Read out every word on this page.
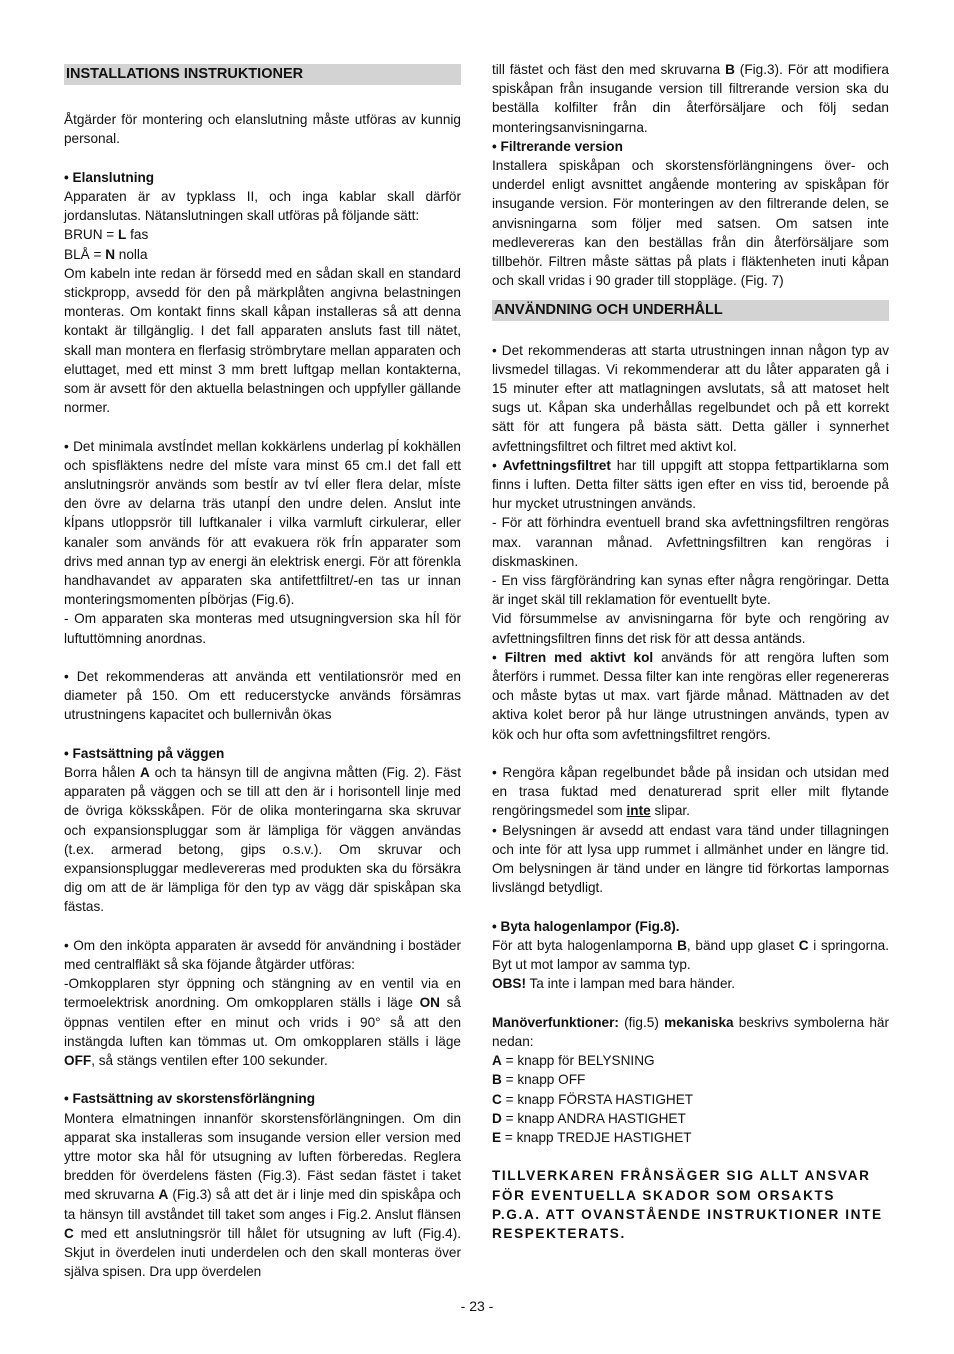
INSTALLATIONS INSTRUKTIONER

Åtgärder för montering och elanslutning måste utföras av kunnig personal.

• Elanslutning

Apparaten är av typklass II, och inga kablar skall därför jordanslutas. Nätanslutningen skall utföras på följande sätt:

BRUN = L fas

BLÅ = N nolla

Om kabeln inte redan är försedd med en sådan skall en standard stickpropp, avsedd för den på märkplåten angivna belastningen monteras. Om kontakt finns skall kåpan installeras så att denna kontakt är tillgänglig. I det fall apparaten ansluts fast till nätet, skall man montera en flerfasig strömbrytare mellan apparaten och eluttaget, med ett minst 3 mm brett luftgap mellan kontakterna, som är avsett för den aktuella belastningen och uppfyller gällande normer.

• Det minimala avstÍndet mellan kokkärlens underlag pÍ kokhällen och spisfläktens nedre del mÍste vara minst 65 cm.I det fall ett anslutningsrör används som bestÍr av tvÍ eller flera delar, mÍste den övre av delarna träs utanpÍ den undre delen. Anslut inte kÍpans utloppsrör till luftkanaler i vilka varmluft cirkulerar, eller kanaler som används för att evakuera rök frÍn apparater som drivs med annan typ av energi än elektrisk energi. För att förenkla handhavandet av apparaten ska antifettfiltret/-en tas ur innan monteringsmomenten pÍbörjas (Fig.6).

- Om apparaten ska monteras med utsugningversion ska hÍl för luftuttömning anordnas.

• Det rekommenderas att använda ett ventilationsrör med en diameter på 150. Om ett reducerstycke används försämras utrustningens kapacitet och bullernivån ökas

• Fastsättning på väggen

Borra hålen A och ta hänsyn till de angivna måtten (Fig. 2). Fäst apparaten på väggen och se till att den är i horisontell linje med de övriga köksskåpen. För de olika monteringarna ska skruvar och expansionspluggar som är lämpliga för väggen användas (t.ex. armerad betong, gips o.s.v.). Om skruvar och expansionspluggar medlevereras med produkten ska du försäkra dig om att de är lämpliga för den typ av vägg där spiskåpan ska fästas.

• Om den inköpta apparaten är avsedd för användning i bostäder med centralfläkt så ska föjande åtgärder utföras:

-Omkopplaren styr öppning och stängning av en ventil via en termoelektrisk anordning. Om omkopplaren ställs i läge ON så öppnas ventilen efter en minut och vrids i 90° så att den instängda luften kan tömmas ut. Om omkopplaren ställs i läge OFF, så stängs ventilen efter 100 sekunder.

• Fastsättning av skorstensförlängning

Montera elmatningen innanför skorstensförlängningen. Om din apparat ska installeras som insugande version eller version med yttre motor ska hål för utsugning av luften förberedas. Reglera bredden för överdelens fästen (Fig.3). Fäst sedan fästet i taket med skruvarna A (Fig.3) så att det är i linje med din spiskåpa och ta hänsyn till avståndet till taket som anges i Fig.2. Anslut flänsen C med ett anslutningsrör till hålet för utsugning av luft (Fig.4). Skjut in överdelen inuti underdelen och den skall monteras över själva spisen. Dra upp överdelen

till fästet och fäst den med skruvarna B (Fig.3). För att modifiera spiskåpan från insugande version till filtrerande version ska du beställa kolfilter från din återförsäljare och följ sedan monteringsanvisningarna.

• Filtrerande version

Installera spiskåpan och skorstensförlängningens över- och underdel enligt avsnittet angående montering av spiskåpan för insugande version. För monteringen av den filtrerande delen, se anvisningarna som följer med satsen. Om satsen inte medlevereras kan den beställas från din återförsäljare som tillbehör. Filtren måste sättas på plats i fläktenheten inuti kåpan och skall vridas i 90 grader till stoppläge. (Fig. 7)

ANVÄNDNING OCH UNDERHÅLL

• Det rekommenderas att starta utrustningen innan någon typ av livsmedel tillagas. Vi rekommenderar att du låter apparaten gå i 15 minuter efter att matlagningen avslutats, så att matoset helt sugs ut. Kåpan ska underhållas regelbundet och på ett korrekt sätt för att fungera på bästa sätt. Detta gäller i synnerhet avfettningsfiltret och filtret med aktivt kol.

• Avfettningsfiltret har till uppgift att stoppa fettpartiklarna som finns i luften. Detta filter sätts igen efter en viss tid, beroende på hur mycket utrustningen används.

- För att förhindra eventuell brand ska avfettningsfiltren rengöras max. varannan månad. Avfettningsfiltren kan rengöras i diskmaskinen.

- En viss färgförändring kan synas efter några rengöringar. Detta är inget skäl till reklamation för eventuellt byte.

Vid försummelse av anvisningarna för byte och rengöring av avfettningsfiltren finns det risk för att dessa antänds.

• Filtren med aktivt kol används för att rengöra luften som återförs i rummet. Dessa filter kan inte rengöras eller regenereras och måste bytas ut max. vart fjärde månad. Mättnaden av det aktiva kolet beror på hur länge utrustningen används, typen av kök och hur ofta som avfettningsfiltret rengörs.

• Rengöra kåpan regelbundet både på insidan och utsidan med en trasa fuktad med denaturerad sprit eller milt flytande rengöringsmedel som inte slipar.

• Belysningen är avsedd att endast vara tänd under tillagningen och inte för att lysa upp rummet i allmänhet under en längre tid. Om belysningen är tänd under en längre tid förkortas lampornas livslängd betydligt.

• Byta halogenlampor (Fig.8).

För att byta halogenlamporna B, bänd upp glaset C i springorna. Byt ut mot lampor av samma typ.

OBS! Ta inte i lampan med bara händer.

Manöverfunktioner: (fig.5) mekaniska beskrivs symbolerna här nedan:

A = knapp för BELYSNING

B = knapp OFF

C = knapp FÖRSTA HASTIGHET

D = knapp ANDRA HASTIGHET

E = knapp TREDJE HASTIGHET

TILLVERKAREN FRÅNSÄGER SIG ALLT ANSVAR FÖR EVENTUELLA SKADOR SOM ORSAKTS P.G.A. ATT OVANSTÅENDE INSTRUKTIONER INTE RESPEKTERATS.

- 23 -
